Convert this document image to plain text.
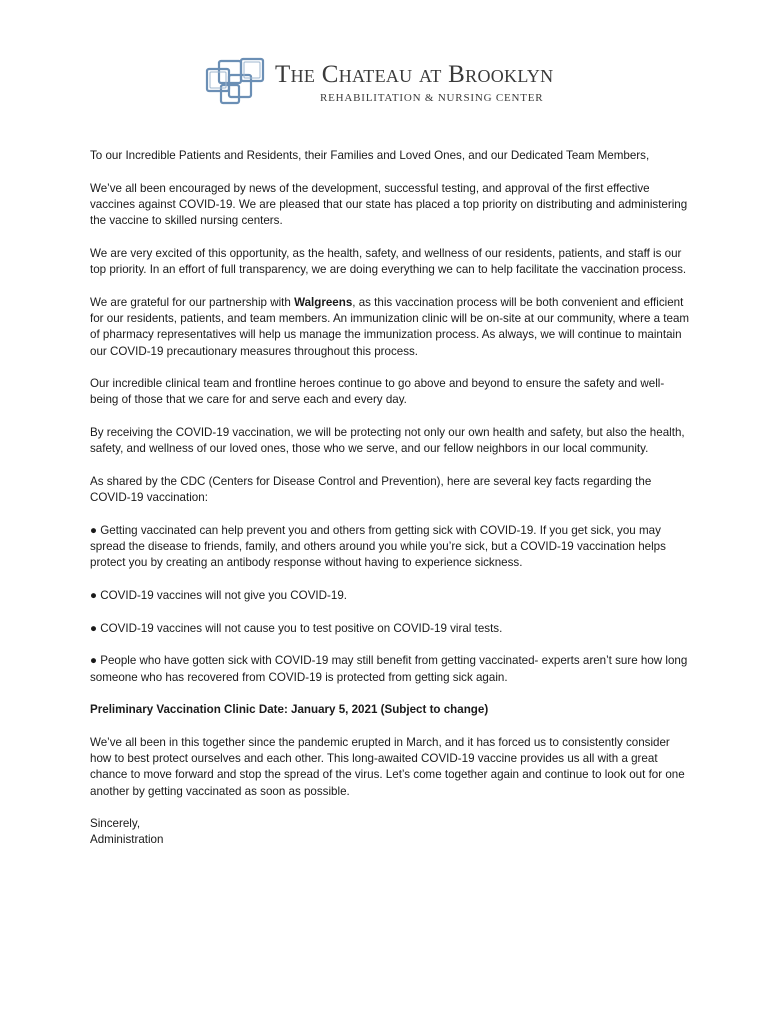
The Chateau at Brooklyn
REHABILITATION & NURSING CENTER

To our Incredible Patients and Residents, their Families and Loved Ones, and our Dedicated Team Members,

We’ve all been encouraged by news of the development, successful testing, and approval of the first effective vaccines against COVID-19. We are pleased that our state has placed a top priority on distributing and administering the vaccine to skilled nursing centers.

We are very excited of this opportunity, as the health, safety, and wellness of our residents, patients, and staff is our top priority. In an effort of full transparency, we are doing everything we can to help facilitate the vaccination process.

We are grateful for our partnership with Walgreens, as this vaccination process will be both convenient and efficient for our residents, patients, and team members. An immunization clinic will be on-site at our community, where a team of pharmacy representatives will help us manage the immunization process. As always, we will continue to maintain our COVID-19 precautionary measures throughout this process.

Our incredible clinical team and frontline heroes continue to go above and beyond to ensure the safety and well-being of those that we care for and serve each and every day.

By receiving the COVID-19 vaccination, we will be protecting not only our own health and safety, but also the health, safety, and wellness of our loved ones, those who we serve, and our fellow neighbors in our local community.

As shared by the CDC (Centers for Disease Control and Prevention), here are several key facts regarding the COVID-19 vaccination:

● Getting vaccinated can help prevent you and others from getting sick with COVID-19. If you get sick, you may spread the disease to friends, family, and others around you while you’re sick, but a COVID-19 vaccination helps protect you by creating an antibody response without having to experience sickness.

● COVID-19 vaccines will not give you COVID-19.

● COVID-19 vaccines will not cause you to test positive on COVID-19 viral tests.

● People who have gotten sick with COVID-19 may still benefit from getting vaccinated- experts aren’t sure how long someone who has recovered from COVID-19 is protected from getting sick again.

Preliminary Vaccination Clinic Date: January 5, 2021 (Subject to change)

We’ve all been in this together since the pandemic erupted in March, and it has forced us to consistently consider how to best protect ourselves and each other. This long-awaited COVID-19 vaccine provides us all with a great chance to move forward and stop the spread of the virus. Let’s come together again and continue to look out for one another by getting vaccinated as soon as possible.

Sincerely,
Administration
